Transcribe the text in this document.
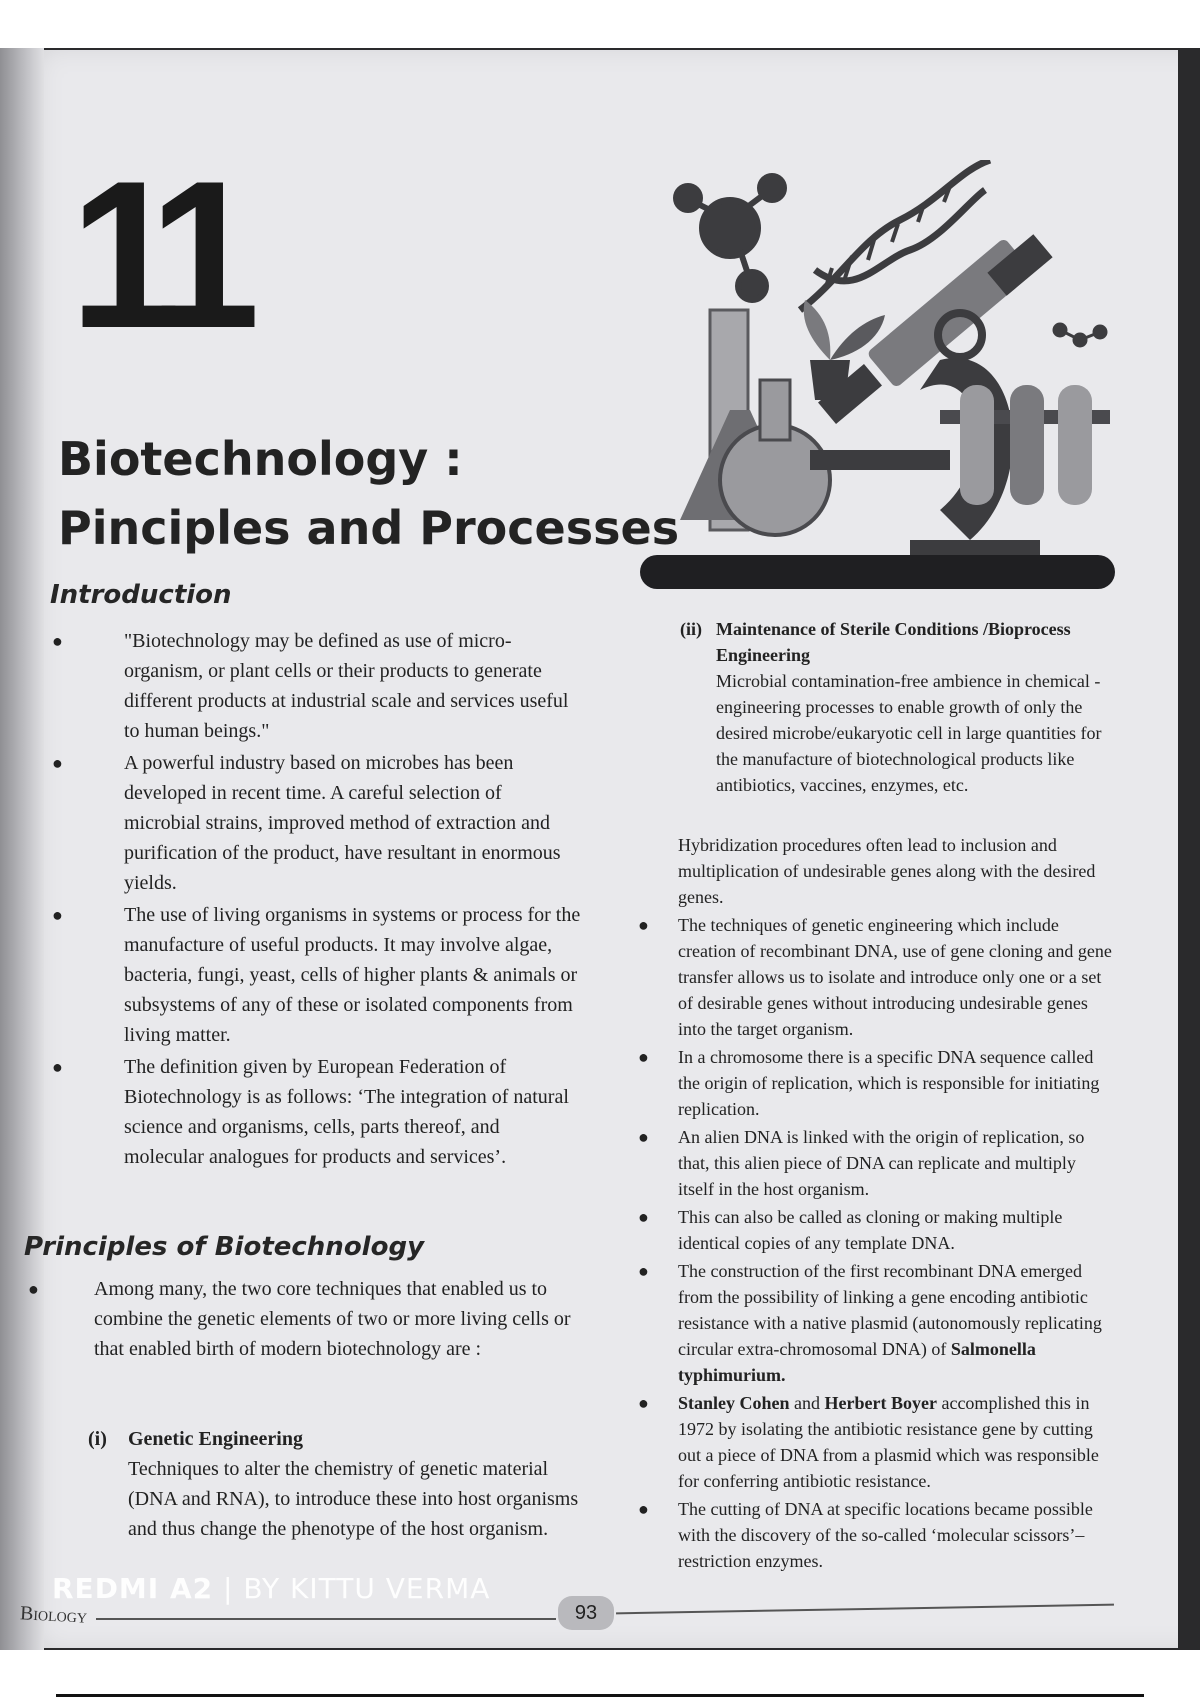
11
Biotechnology :
Pinciples and Processes
Introduction
●	"Biotechnology may be defined as use of micro-organism, or plant cells or their products to generate different products at industrial scale and services useful to human beings."
●	A powerful industry based on microbes has been developed in recent time. A careful selection of microbial strains, improved method of extraction and purification of the product, have resultant in enormous yields.
●	The use of living organisms in systems or process for the manufacture of useful products. It may involve algae, bacteria, fungi, yeast, cells of higher plants & animals or subsystems of any of these or isolated components from living matter.
●	The definition given by European Federation of Biotechnology is as follows: ‘The integration of natural science and organisms, cells, parts thereof, and molecular analogues for products and services’.
Principles of Biotechnology
●	Among many, the two core techniques that enabled us to combine the genetic elements of two or more living cells or that enabled birth of modern biotechnology are :
(i) Genetic Engineering
Techniques to alter the chemistry of genetic material (DNA and RNA), to introduce these into host organisms and thus change the phenotype of the host organism.
(ii) Maintenance of Sterile Conditions /Bioprocess Engineering
Microbial contamination-free ambience in chemical - engineering processes to enable growth of only the desired microbe/eukaryotic cell in large quantities for the manufacture of biotechnological products like antibiotics, vaccines, enzymes, etc.
Hybridization procedures often lead to inclusion and multiplication of undesirable genes along with the desired genes.
● The techniques of genetic engineering which include creation of recombinant DNA, use of gene cloning and gene transfer allows us to isolate and introduce only one or a set of desirable genes without introducing undesirable genes into the target organism.
● In a chromosome there is a specific DNA sequence called the origin of replication, which is responsible for initiating replication.
● An alien DNA is linked with the origin of replication, so that, this alien piece of DNA can replicate and multiply itself in the host organism.
● This can also be called as cloning or making multiple identical copies of any template DNA.
● The construction of the first recombinant DNA emerged from the possibility of linking a gene encoding antibiotic resistance with a native plasmid (autonomously replicating circular extra-chromosomal DNA) of Salmonella typhimurium.
● Stanley Cohen and Herbert Boyer accomplished this in 1972 by isolating the antibiotic resistance gene by cutting out a piece of DNA from a plasmid which was responsible for conferring antibiotic resistance.
● The cutting of DNA at specific locations became possible with the discovery of the so-called ‘molecular scissors’– restriction enzymes.
93
Biology
REDMI A2 | BY KITTU VERMA
